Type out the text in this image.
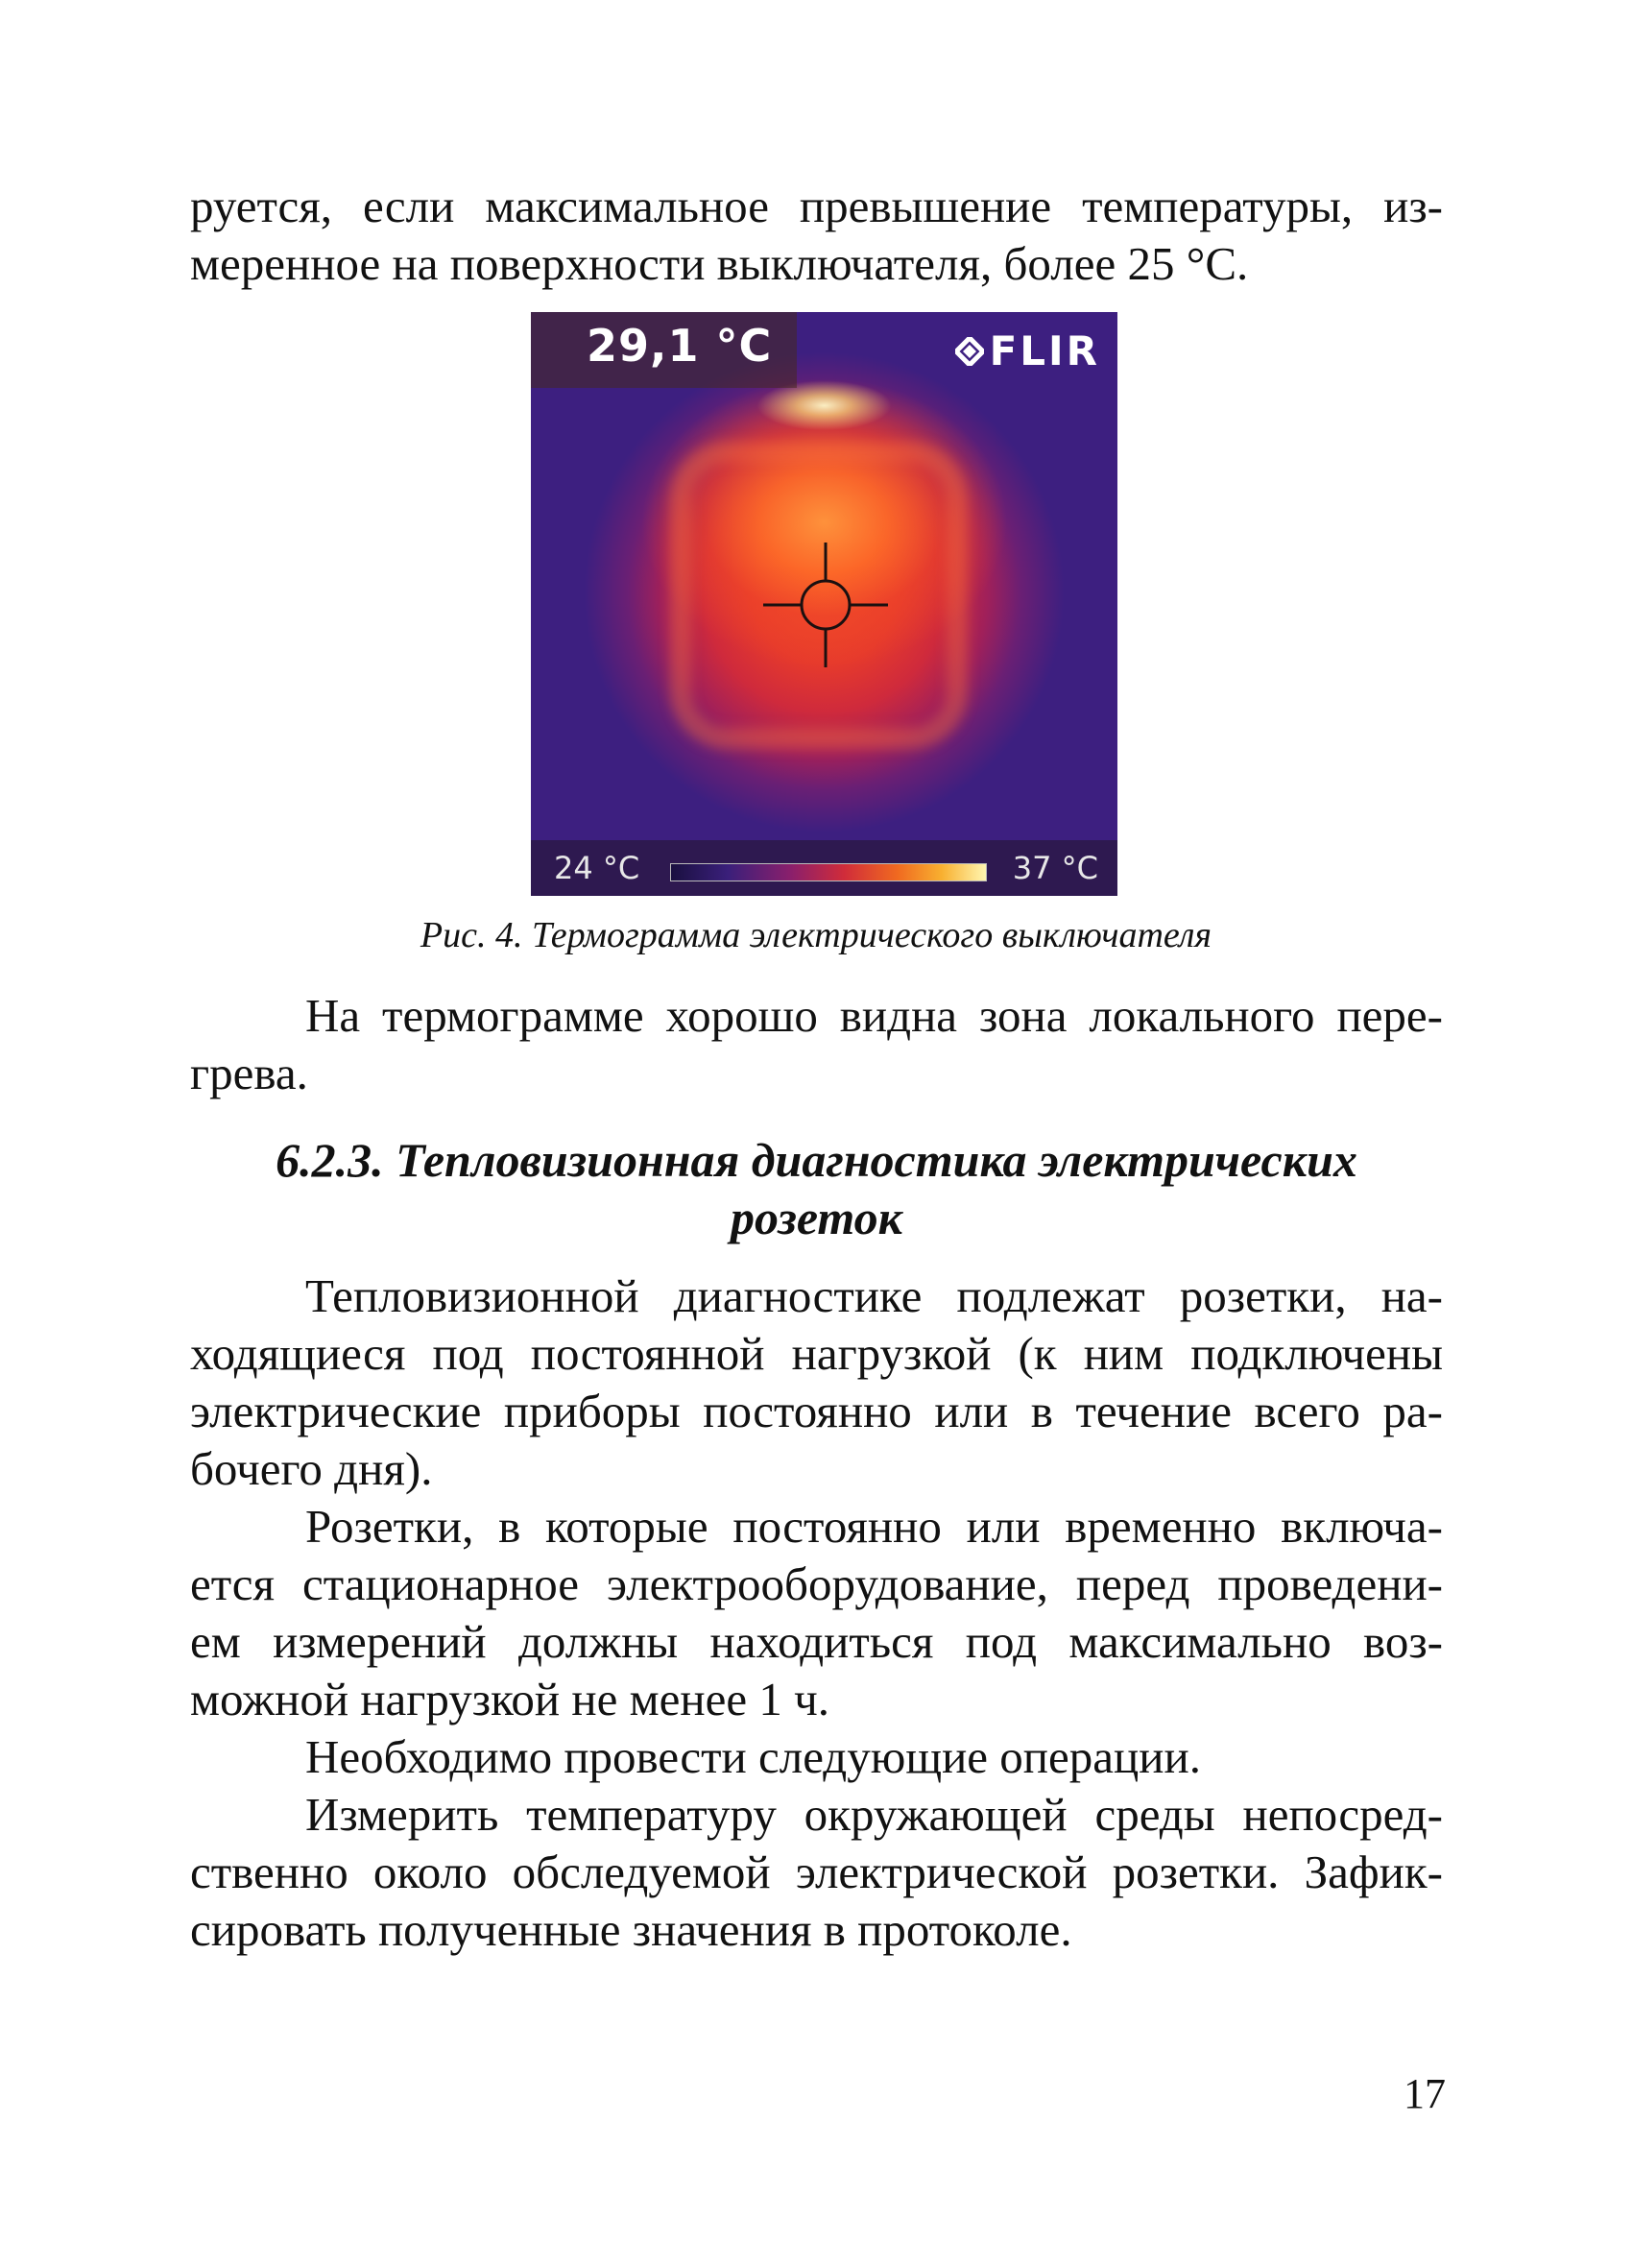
руется, если максимальное превышение температуры, из-
меренное на поверхности выключателя, более 25 °С.
29,1 °C	FLIR
24 °C	37 °C
Рис. 4. Термограмма электрического выключателя
На термограмме хорошо видна зона локального пере-
грева.
6.2.3. Тепловизионная диагностика электрических
розеток
Тепловизионной диагностике подлежат розетки, на-
ходящиеся под постоянной нагрузкой (к ним подключены
электрические приборы постоянно или в течение всего ра-
бочего дня).
Розетки, в которые постоянно или временно включа-
ется стационарное электрооборудование, перед проведени-
ем измерений должны находиться под максимально воз-
можной нагрузкой не менее 1 ч.
Необходимо провести следующие операции.
Измерить температуру окружающей среды непосред-
ственно около обследуемой электрической розетки. Зафик-
сировать полученные значения в протоколе.
17
